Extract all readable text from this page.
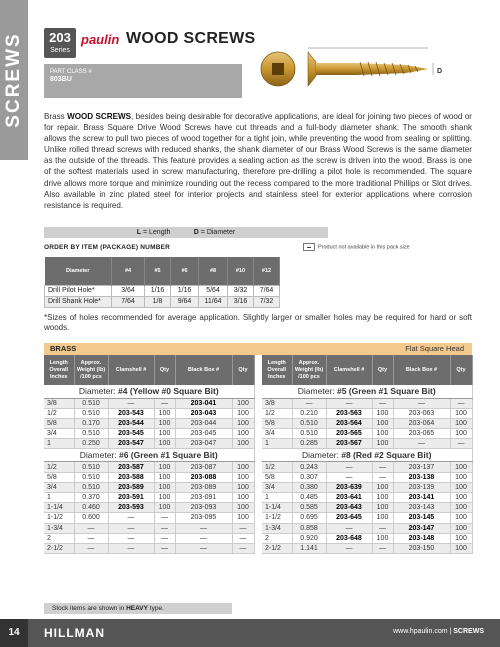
SCREWS	203
Series
paulin WOOD SCREWS
PART CLASS #
803BU
D

Brass WOOD SCREWS, besides being desirable for decorative applications, are ideal for joining two pieces of wood or for repair. Brass Square Drive Wood Screws have cut threads and a full-body diameter shank. The smooth shank allows the screw to pull two pieces of wood together for a tight join, while preventing the wood from sealing or splitting. Unlike rolled thread screws with reduced shanks, the shank diameter of our Brass Wood Screws is the same diameter as the outside of the threads. This feature provides a sealing action as the screw is driven into the wood. Brass is one of the softest materials used in screw manufacturing, therefore pre-drilling a pilot hole is recommended. The square drive allows more torque and minimize rounding out the recess compared to the more traditional Phillips or Slot drives. Also available in zinc plated steel for interior projects and stainless steel for exterior applications where corrosion resistance is required.

L = Length	D = Diameter
ORDER BY ITEM (PACKAGE) NUMBER	Product not available in this pack size
Diameter	#4	#5	#6	#8	#10	#12
Drill Pilot Hole*	3/64	1/16	1/16	5/64	3/32	7/64
Drill Shank Hole*	7/64	1/8	9/64	11/64	3/16	7/32

*Sizes of holes recommended for average application. Slightly larger or smaller holes may be required for hard or soft woods.

BRASS	Flat Square Head
Length Overall Inches	Approx. Weight (lb) /100 pcs	Clamshell #	Qty	Black Box #	Qty
Diameter: #4 (Yellow #0 Square Bit)					
3/8	0.510	—	—	203-041	100
1/2	0.510	203-543	100	203-043	100
5/8	0.170	203-544	100	203-044	100
3/4	0.510	203-545	100	203-045	100
1	0.250	203-547	100	203-047	100
Diameter: #6 (Green #1 Square Bit)					
1/2	0.510	203-587	100	203-087	100
5/8	0.510	203-588	100	203-088	100
3/4	0.510	203-589	100	203-089	100
1	0.370	203-591	100	203-091	100
1-1/4	0.460	203-593	100	203-093	100
1-1/2	0.600	—	—	203-095	100
1-3/4	—	—	—	—	—
2	—	—	—	—	—
2-1/2	—	—	—	—	—
Length Overall Inches	Approx. Weight (lb) /100 pcs	Clamshell #	Qty	Black Box #	Qty
Diameter: #5 (Green #1 Square Bit)					
3/8	—	—	—	—	—
1/2	0.210	203-563	100	203-063	100
5/8	0.510	203-564	100	203-064	100
3/4	0.510	203-565	100	203-065	100
1	0.285	203-567	100	—	—
Diameter: #8 (Red #2 Square Bit)					
1/2	0.243	—	—	203-137	100
5/8	0.307	—	—	203-138	100
3/4	0.380	203-639	100	203-139	100
1	0.485	203-641	100	203-141	100
1-1/4	0.585	203-643	100	203-143	100
1-1/2	0.695	203-645	100	203-145	100
1-3/4	0.858	—	—	203-147	100
2	0.920	203-648	100	203-148	100
2-1/2	1.141	—	—	203-150	100
Stock items are shown in HEAVY type.
14	HILLMAN	www.hpaulin.com | SCREWS
